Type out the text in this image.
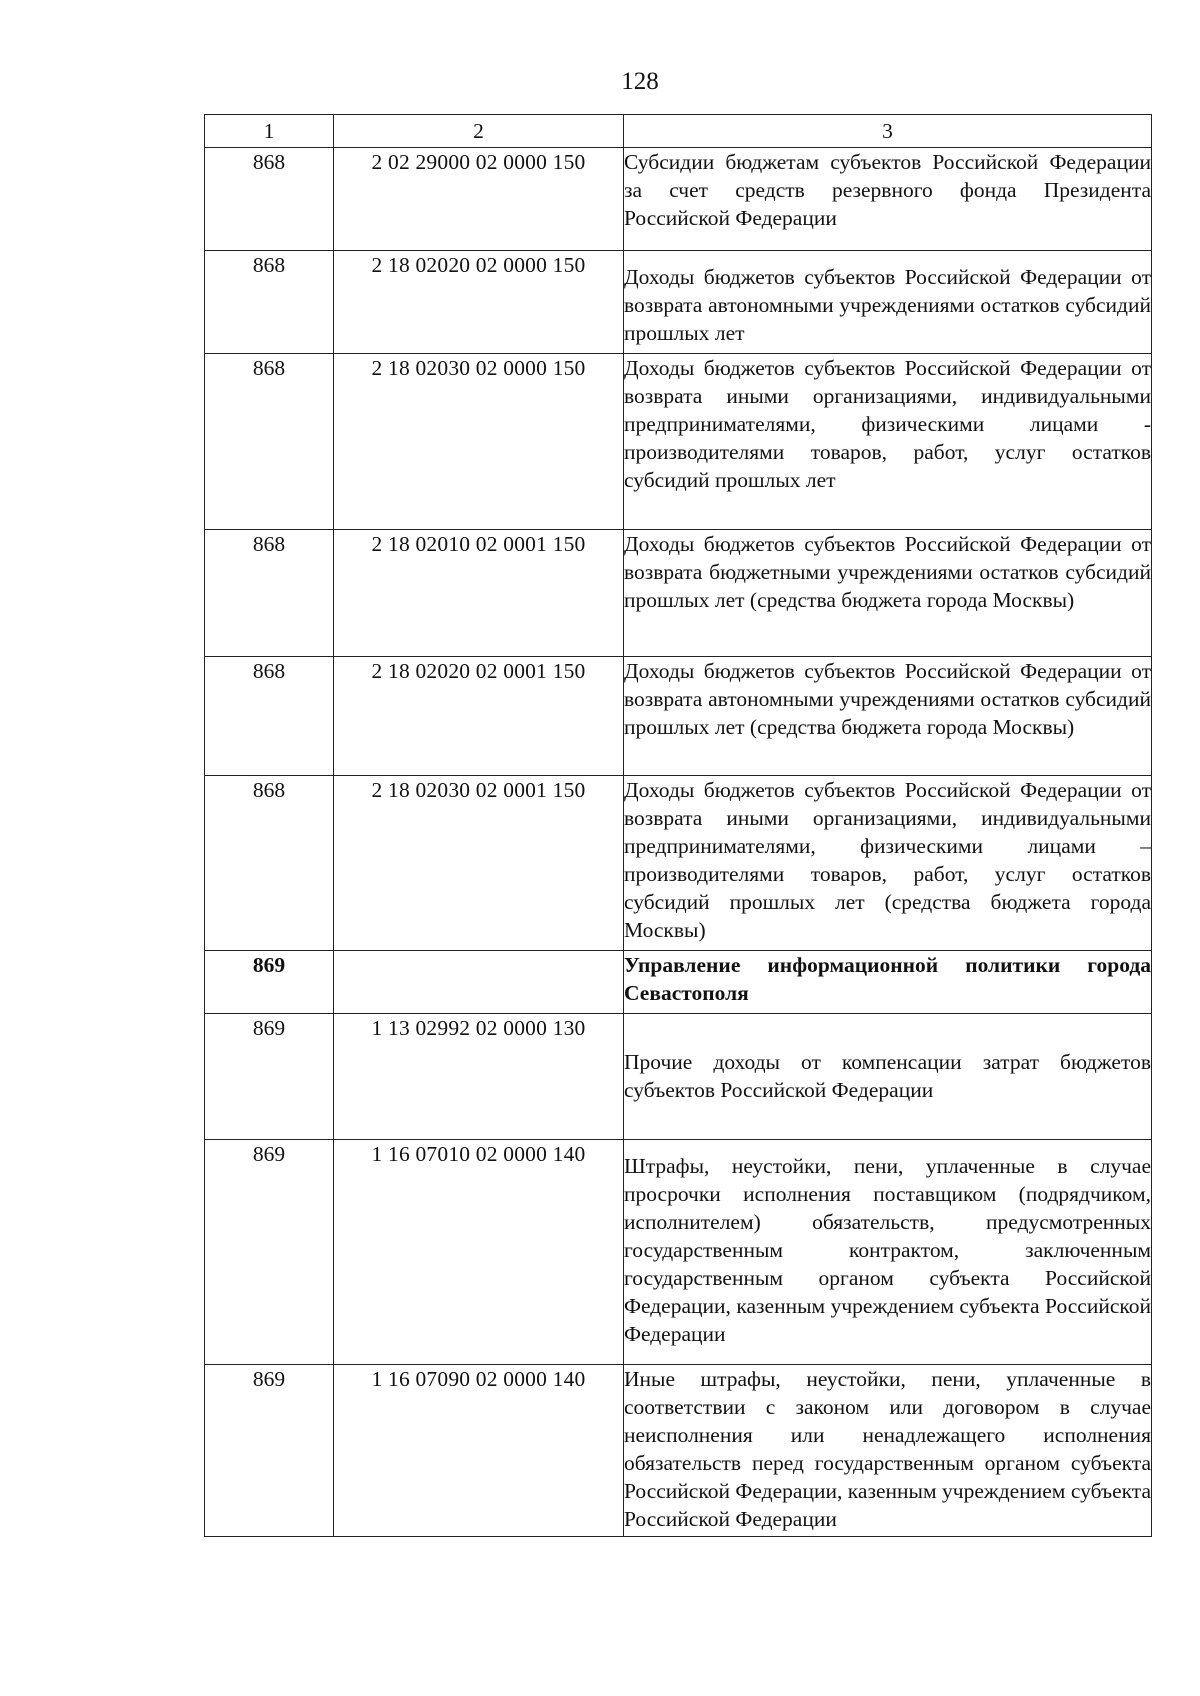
128
1	2	3
868	2 02 29000 02 0000 150	Субсидии бюджетам субъектов Российской Федерации за счет средств резервного фонда Президента Российской Федерации
868	2 18 02020 02 0000 150	Доходы бюджетов субъектов Российской Федерации от возврата автономными учреждениями остатков субсидий прошлых лет
868	2 18 02030 02 0000 150	Доходы бюджетов субъектов Российской Федерации от возврата иными организациями, индивидуальными предпринимателями, физическими лицами - производителями товаров, работ, услуг остатков субсидий прошлых лет
868	2 18 02010 02 0001 150	Доходы бюджетов субъектов Российской Федерации от возврата бюджетными учреждениями остатков субсидий прошлых лет (средства бюджета города Москвы)
868	2 18 02020 02 0001 150	Доходы бюджетов субъектов Российской Федерации от возврата автономными учреждениями остатков субсидий прошлых лет (средства бюджета города Москвы)
868	2 18 02030 02 0001 150	Доходы бюджетов субъектов Российской Федерации от возврата иными организациями, индивидуальными предпринимателями, физическими лицами – производителями товаров, работ, услуг остатков субсидий прошлых лет (средства бюджета города Москвы)
869		Управление информационной политики города Севастополя
869	1 13 02992 02 0000 130	Прочие доходы от компенсации затрат бюджетов субъектов Российской Федерации
869	1 16 07010 02 0000 140	Штрафы, неустойки, пени, уплаченные в случае просрочки исполнения поставщиком (подрядчиком, исполнителем) обязательств, предусмотренных государственным контрактом, заключенным государственным органом субъекта Российской Федерации, казенным учреждением субъекта Российской Федерации
869	1 16 07090 02 0000 140	Иные штрафы, неустойки, пени, уплаченные в соответствии с законом или договором в случае неисполнения или ненадлежащего исполнения обязательств перед государственным органом субъекта Российской Федерации, казенным учреждением субъекта Российской Федерации
